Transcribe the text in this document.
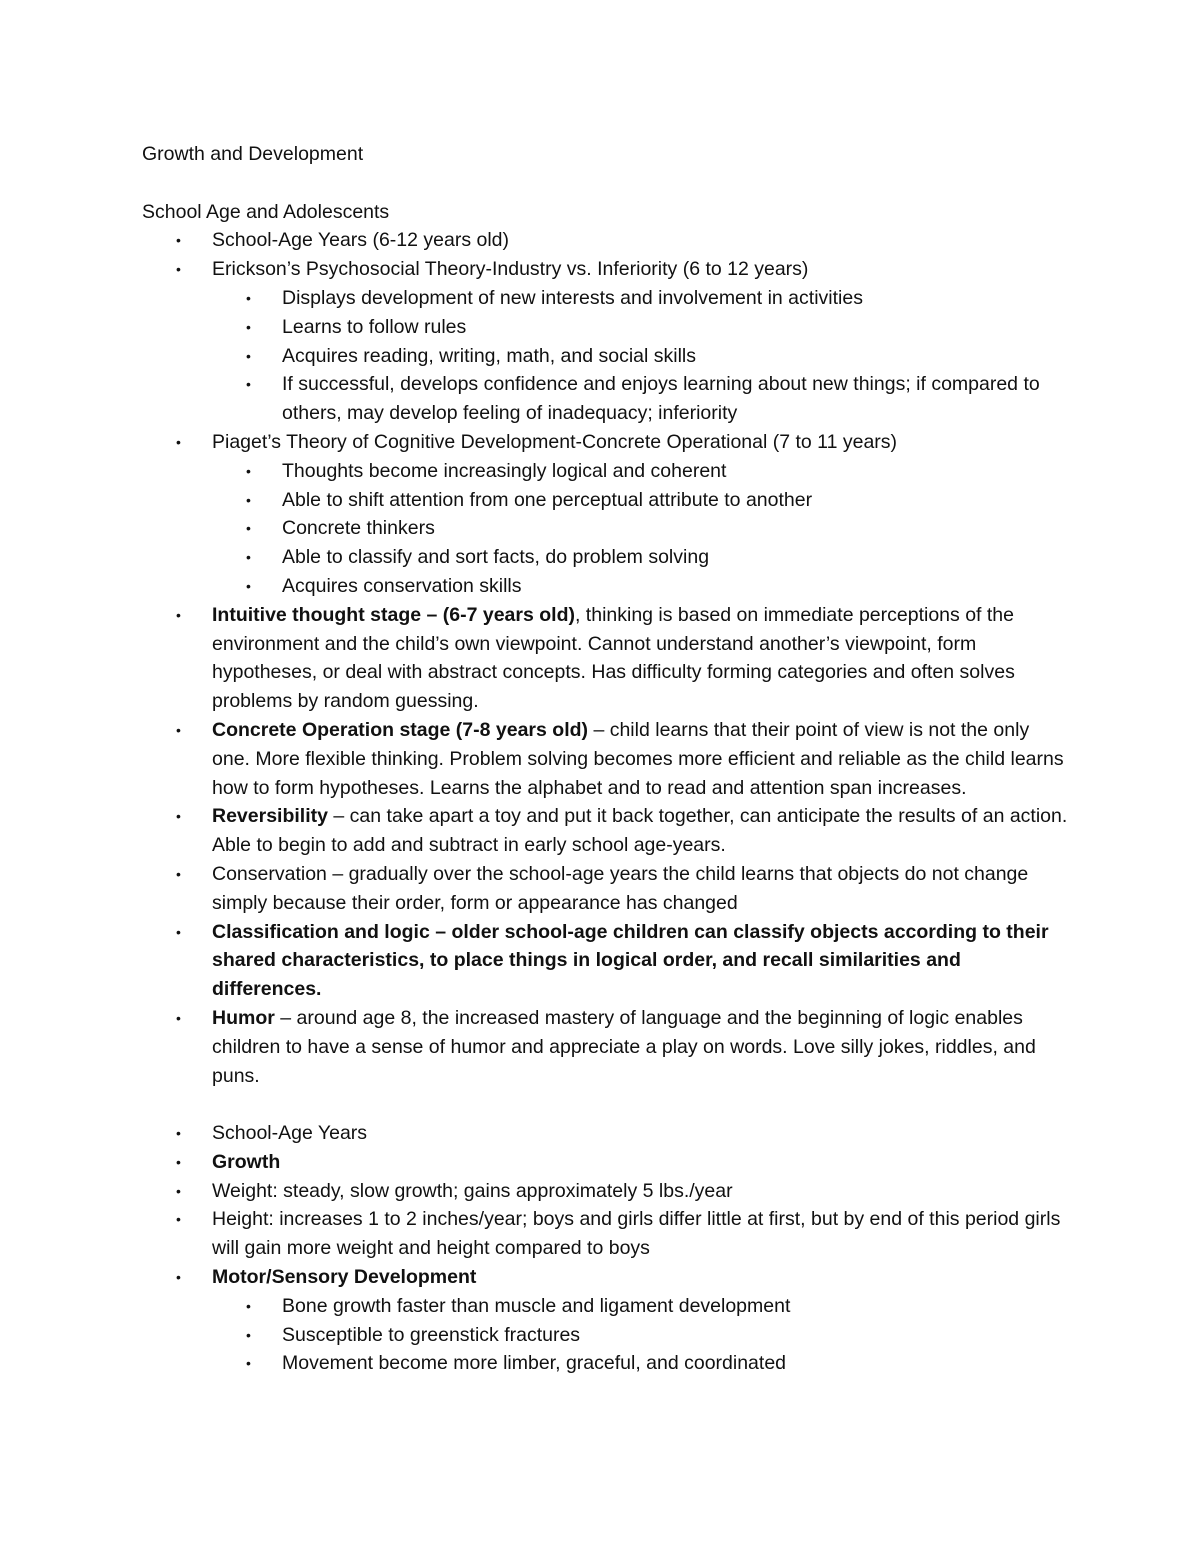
Growth and Development

School Age and Adolescents

• School-Age Years (6-12 years old)
• Erickson’s Psychosocial Theory-Industry vs. Inferiority (6 to 12 years)
• Displays development of new interests and involvement in activities
• Learns to follow rules
• Acquires reading, writing, math, and social skills
• If successful, develops confidence and enjoys learning about new things; if compared to others, may develop feeling of inadequacy; inferiority
• Piaget’s Theory of Cognitive Development-Concrete Operational (7 to 11 years)
• Thoughts become increasingly logical and coherent
• Able to shift attention from one perceptual attribute to another
• Concrete thinkers
• Able to classify and sort facts, do problem solving
• Acquires conservation skills
• Intuitive thought stage – (6-7 years old), thinking is based on immediate perceptions of the environment and the child’s own viewpoint. Cannot understand another’s viewpoint, form hypotheses, or deal with abstract concepts. Has difficulty forming categories and often solves problems by random guessing.
• Concrete Operation stage (7-8 years old) – child learns that their point of view is not the only one. More flexible thinking. Problem solving becomes more efficient and reliable as the child learns how to form hypotheses. Learns the alphabet and to read and attention span increases.
• Reversibility – can take apart a toy and put it back together, can anticipate the results of an action. Able to begin to add and subtract in early school age-years.
• Conservation – gradually over the school-age years the child learns that objects do not change simply because their order, form or appearance has changed
• Classification and logic – older school-age children can classify objects according to their shared characteristics, to place things in logical order, and recall similarities and differences.
• Humor – around age 8, the increased mastery of language and the beginning of logic enables children to have a sense of humor and appreciate a play on words. Love silly jokes, riddles, and puns.
• School-Age Years
• Growth
• Weight: steady, slow growth; gains approximately 5 lbs./year
• Height: increases 1 to 2 inches/year; boys and girls differ little at first, but by end of this period girls will gain more weight and height compared to boys
• Motor/Sensory Development
• Bone growth faster than muscle and ligament development
• Susceptible to greenstick fractures
• Movement become more limber, graceful, and coordinated
